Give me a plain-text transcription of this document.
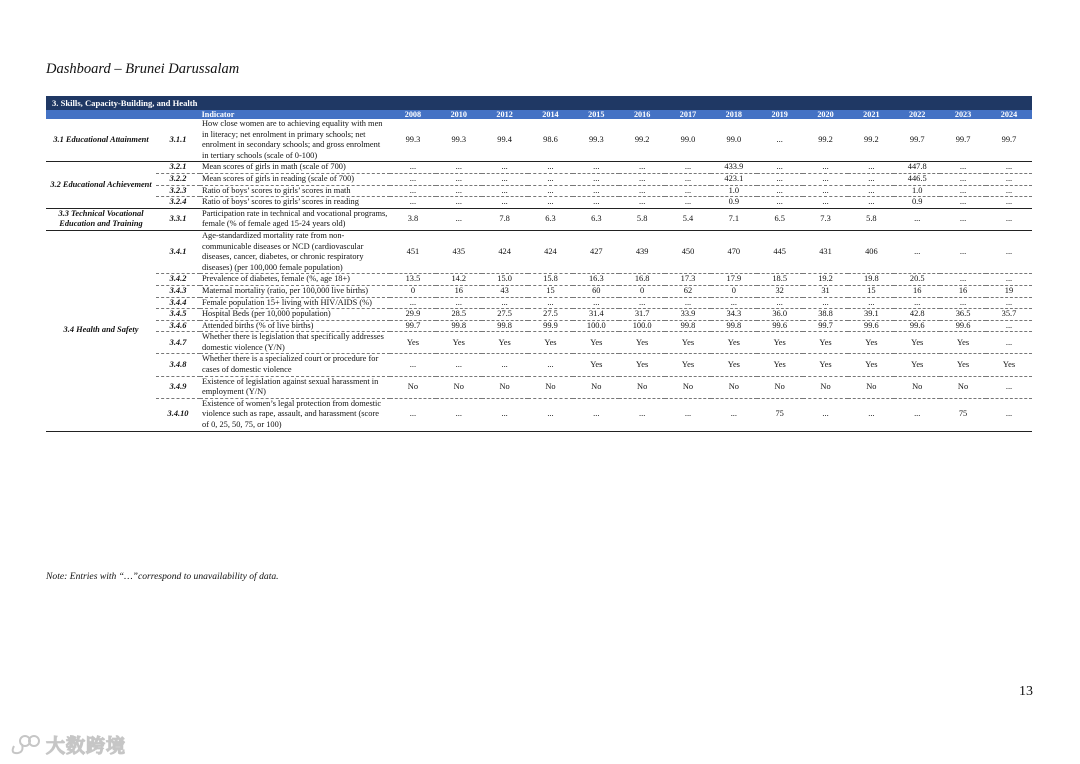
Dashboard – Brunei Darussalam
3. Skills, Capacity-Building, and Health																
Indicator			2008	2010	2012	2014	2015	2016	2017	2018	2019	2020	2021	2022	2023	2024
3.1 Educational Attainment	3.1.1	How close women are to achieving equality with men in literacy; net enrolment in primary schools; net enrolment in secondary schools; and gross enrolment in tertiary schools (scale of 0-100)	99.3	99.3	99.4	98.6	99.3	99.2	99.0	99.0	...	99.2	99.2	99.7	99.7	99.7
3.2 Educational Achievement	3.2.1	Mean scores of girls in math (scale of 700)	...	...	...	...	...	...	...	433.9	...	...	...	447.8	...	...
	3.2.2	Mean scores of girls in reading (scale of 700)	...	...	...	...	...	...	...	423.1	...	...	...	446.5	...	...
	3.2.3	Ratio of boys’ scores to girls’ scores in math	...	...	...	...	...	...	...	1.0	...	...	...	1.0	...	...
	3.2.4	Ratio of boys’ scores to girls’ scores in reading	...	...	...	...	...	...	...	0.9	...	...	...	0.9	...	...
3.3 Technical Vocational Education and Training	3.3.1	Participation rate in technical and vocational programs, female (% of female aged 15-24 years old)	3.8	...	7.8	6.3	6.3	5.8	5.4	7.1	6.5	7.3	5.8	...	...	...
3.4 Health and Safety	3.4.1	Age-standardized mortality rate from non-communicable diseases or NCD (cardiovascular diseases, cancer, diabetes, or chronic respiratory diseases) (per 100,000 female population)	451	435	424	424	427	439	450	470	445	431	406	...	...	...
	3.4.2	Prevalence of diabetes, female (%, age 18+)	13.5	14.2	15.0	15.8	16.3	16.8	17.3	17.9	18.5	19.2	19.8	20.5	...	...
	3.4.3	Maternal mortality (ratio, per 100,000 live births)	0	16	43	15	60	0	62	0	32	31	15	16	16	19
	3.4.4	Female population 15+ living with HIV/AIDS (%)	...	...	...	...	...	...	...	...	...	...	...	...	...	...
	3.4.5	Hospital Beds (per 10,000 population)	29.9	28.5	27.5	27.5	31.4	31.7	33.9	34.3	36.0	38.8	39.1	42.8	36.5	35.7
	3.4.6	Attended births (% of live births)	99.7	99.8	99.8	99.9	100.0	100.0	99.8	99.8	99.6	99.7	99.6	99.6	99.6	...
	3.4.7	Whether there is legislation that specifically addresses domestic violence (Y/N)	Yes	Yes	Yes	Yes	Yes	Yes	Yes	Yes	Yes	Yes	Yes	Yes	Yes	...
	3.4.8	Whether there is a specialized court or procedure for cases of domestic violence	...	...	...	...	Yes	Yes	Yes	Yes	Yes	Yes	Yes	Yes	Yes	Yes
	3.4.9	Existence of legislation against sexual harassment in employment (Y/N)	No	No	No	No	No	No	No	No	No	No	No	No	No	...
	3.4.10	Existence of women’s legal protection from domestic violence such as rape, assault, and harassment (score of 0, 25, 50, 75, or 100)	...	...	...	...	...	...	...	...	75	...	...	...	75	...
Note: Entries with “…”correspond to unavailability of data.
13
大数跨境
